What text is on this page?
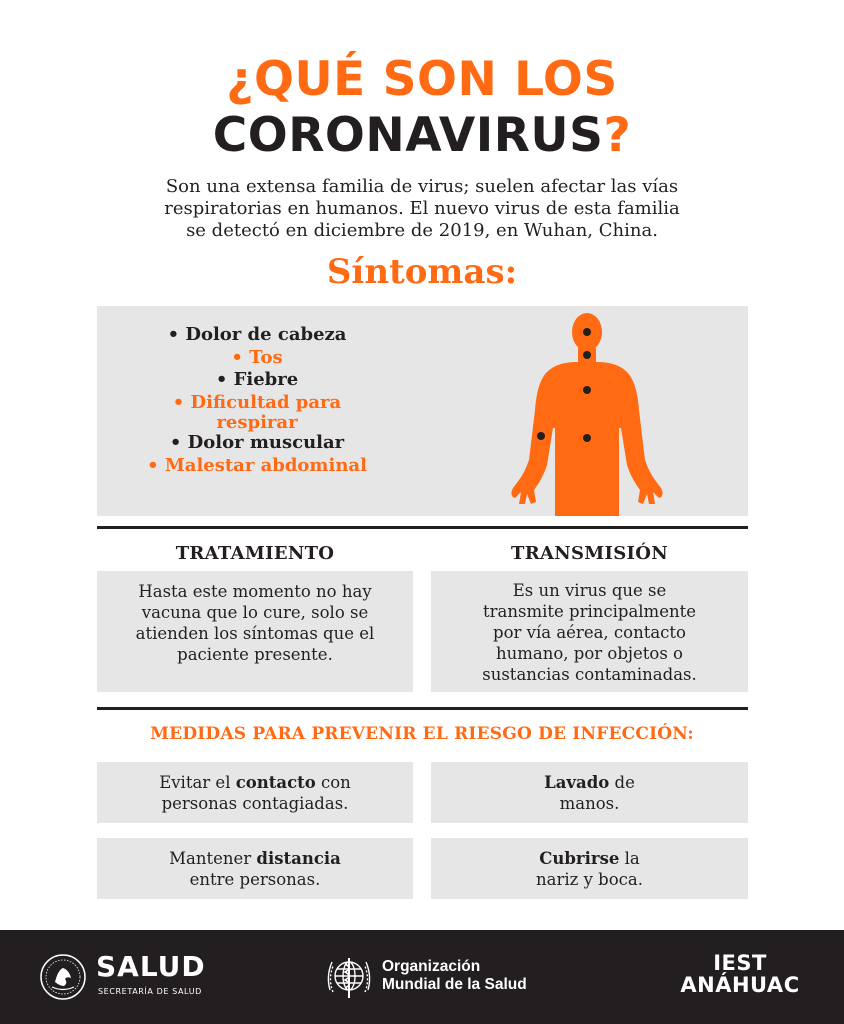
¿QUÉ SON LOS
CORONAVIRUS?
Son una extensa familia de virus; suelen afectar las vías
respiratorias en humanos. El nuevo virus de esta familia
se detectó en diciembre de 2019, en Wuhan, China.
Síntomas:
• Dolor de cabeza
• Tos
• Fiebre
• Dificultad para
respirar
• Dolor muscular
• Malestar abdominal
TRATAMIENTO	TRANSMISIÓN
Hasta este momento no hay
vacuna que lo cure, solo se
atienden los síntomas que el
paciente presente.
Es un virus que se
transmite principalmente
por vía aérea, contacto
humano, por objetos o
sustancias contaminadas.
MEDIDAS PARA PREVENIR EL RIESGO DE INFECCIÓN:
Evitar el contacto con
personas contagiadas.
Lavado de
manos.
Mantener distancia
entre personas.
Cubrirse la
nariz y boca.
SALUD
SECRETARÍA DE SALUD
Organización
Mundial de la Salud
IEST
ANÁHUAC
